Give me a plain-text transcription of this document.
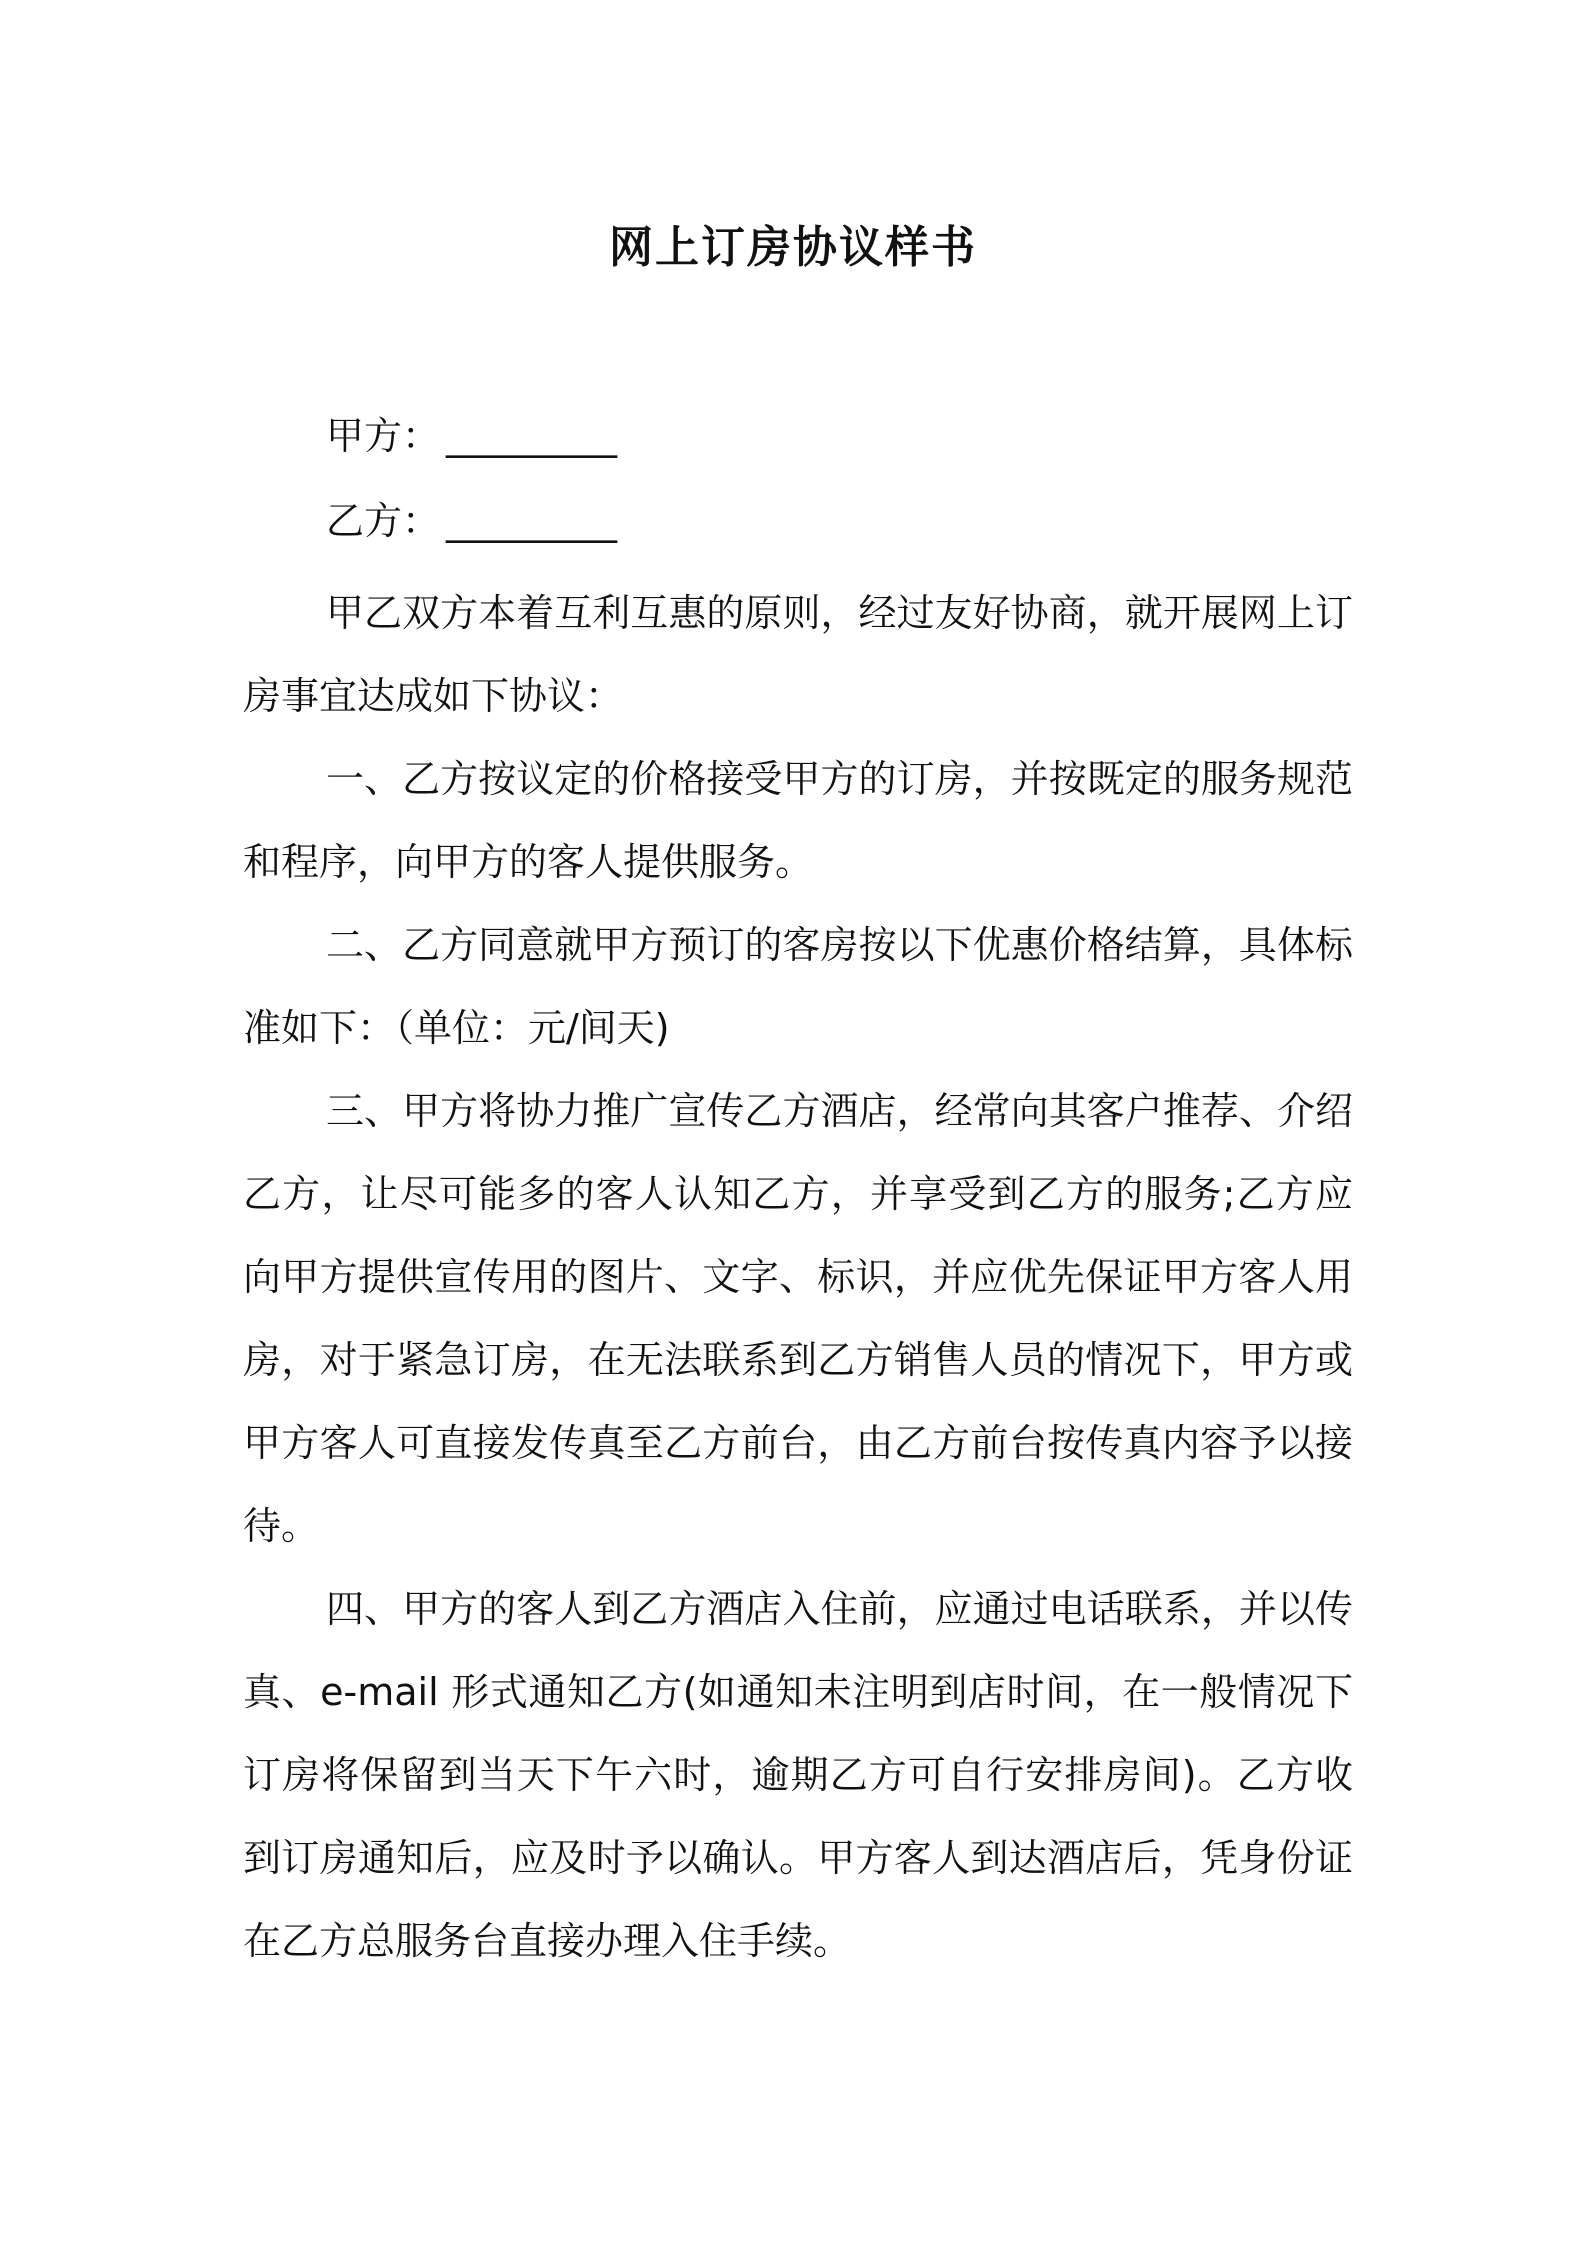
网上订房协议样书
甲方： _________
乙方： _________

甲乙双方本着互利互惠的原则，经过友好协商，就开展网上订房事宜达成如下协议：

一、乙方按议定的价格接受甲方的订房，并按既定的服务规范和程序，向甲方的客人提供服务。

二、乙方同意就甲方预订的客房按以下优惠价格结算，具体标准如下：（单位：元/间天)

三、甲方将协力推广宣传乙方酒店，经常向其客户推荐、介绍乙方，让尽可能多的客人认知乙方，并享受到乙方的服务;乙方应向甲方提供宣传用的图片、文字、标识，并应优先保证甲方客人用房，对于紧急订房，在无法联系到乙方销售人员的情况下，甲方或甲方客人可直接发传真至乙方前台，由乙方前台按传真内容予以接待。

四、甲方的客人到乙方酒店入住前，应通过电话联系，并以传真、e-mail 形式通知乙方(如通知未注明到店时间，在一般情况下订房将保留到当天下午六时，逾期乙方可自行安排房间)。乙方收到订房通知后，应及时予以确认。甲方客人到达酒店后，凭身份证在乙方总服务台直接办理入住手续。
